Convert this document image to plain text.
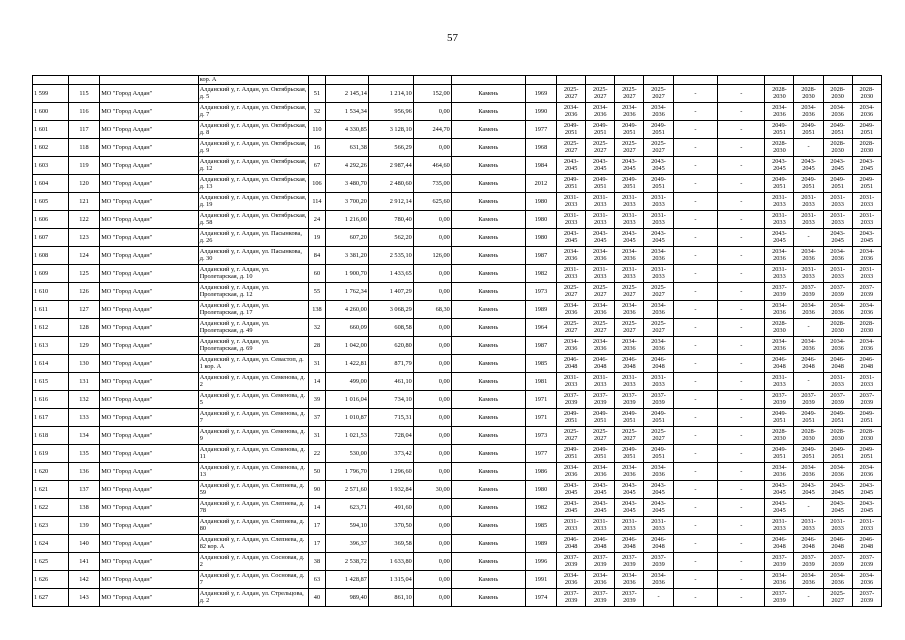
57
			кор. А																
1 599	115	МО "Город Алдан"	Алданский у, г. Алдан, ул. Октябрьская, д. 5	51	2 145,14	1 214,10	152,00	Камень	1969	2025-2027	2025-2027	2025-2027	2025-2027	-	-	2028-2030	2028-2030	2028-2030	2028-2030
1 600	116	МО "Город Алдан"	Алданский у, г. Алдан, ул. Октябрьская, д. 7	32	1 534,34	956,96	0,00	Камень	1990	2034-2036	2034-2036	2034-2036	2034-2036	-	-	2034-2036	2034-2036	2034-2036	2034-2036
1 601	117	МО "Город Алдан"	Алданский у, г. Алдан, ул. Октябрьская, д. 8	110	4 330,85	3 128,10	244,70	Камень	1977	2049-2051	2049-2051	2049-2051	2049-2051	-	-	2049-2051	2049-2051	2049-2051	2049-2051
1 602	118	МО "Город Алдан"	Алданский у, г. Алдан, ул. Октябрьская, д. 9	16	631,38	566,29	0,00	Камень	1968	2025-2027	2025-2027	2025-2027	2025-2027	-	-	2028-2030	-	2028-2030	2028-2030
1 603	119	МО "Город Алдан"	Алданский у, г. Алдан, ул. Октябрьская, д. 12	67	4 292,26	2 987,44	464,60	Камень	1984	2043-2045	2043-2045	2043-2045	2043-2045	-	-	2043-2045	2043-2045	2043-2045	2043-2045
1 604	120	МО "Город Алдан"	Алданский у, г. Алдан, ул. Октябрьская, д. 13	106	3 480,70	2 480,60	735,00	Камень	2012	2049-2051	2049-2051	2049-2051	2049-2051	-	-	2049-2051	2049-2051	2049-2051	2049-2051
1 605	121	МО "Город Алдан"	Алданский у, г. Алдан, ул. Октябрьская, д. 19	114	3 700,20	2 912,14	625,60	Камень	1980	2031-2033	2031-2033	2031-2033	2031-2033	-	-	2031-2033	2031-2033	2031-2033	2031-2033
1 606	122	МО "Город Алдан"	Алданский у, г. Алдан, ул. Октябрьская, д. 58	24	1 216,00	780,40	0,00	Камень	1980	2031-2033	2031-2033	2031-2033	2031-2033	-	-	2031-2033	2031-2033	2031-2033	2031-2033
1 607	123	МО "Город Алдан"	Алданский у, г. Алдан, ул. Пасынкова, д. 26	19	607,20	562,20	0,00	Камень	1980	2043-2045	2043-2045	2043-2045	2043-2045	-	-	2043-2045	-	2043-2045	2043-2045
1 608	124	МО "Город Алдан"	Алданский у, г. Алдан, ул. Пасынкова, д. 30	84	3 381,20	2 535,10	126,00	Камень	1987	2034-2036	2034-2036	2034-2036	2034-2036	-	-	2034-2036	2034-2036	2034-2036	2034-2036
1 609	125	МО "Город Алдан"	Алданский у, г. Алдан, ул. Пролетарская, д. 10	60	1 900,70	1 433,65	0,00	Камень	1982	2031-2033	2031-2033	2031-2033	2031-2033	-	-	2031-2033	2031-2033	2031-2033	2031-2033
1 610	126	МО "Город Алдан"	Алданский у, г. Алдан, ул. Пролетарская, д. 12	55	1 762,34	1 407,29	0,00	Камень	1973	2025-2027	2025-2027	2025-2027	2025-2027	-	-	2037-2039	2037-2039	2037-2039	2037-2039
1 611	127	МО "Город Алдан"	Алданский у, г. Алдан, ул. Пролетарская, д. 17	138	4 260,00	3 068,29	68,30	Камень	1989	2034-2036	2034-2036	2034-2036	2034-2036	-	-	2034-2036	2034-2036	2034-2036	2034-2036
1 612	128	МО "Город Алдан"	Алданский у, г. Алдан, ул. Пролетарская, д. 49	32	660,09	608,58	0,00	Камень	1964	2025-2027	2025-2027	2025-2027	2025-2027	-	-	2028-2030	-	2028-2030	2028-2030
1 613	129	МО "Город Алдан"	Алданский у, г. Алдан, ул. Пролетарская, д. 69	28	1 042,00	620,80	0,00	Камень	1987	2034-2036	2034-2036	2034-2036	2034-2036	-	-	2034-2036	2034-2036	2034-2036	2034-2036
1 614	130	МО "Город Алдан"	Алданский у, г. Алдан, ул. Севастоп, д. 1 кор. А	31	1 422,81	871,79	0,00	Камень	1985	2046-2048	2046-2048	2046-2048	2046-2048	-	-	2046-2048	2046-2048	2046-2048	2046-2048
1 615	131	МО "Город Алдан"	Алданский у, г. Алдан, ул. Семенова, д. 2	14	499,00	461,10	0,00	Камень	1981	2031-2033	2031-2033	2031-2033	2031-2033	-	-	2031-2033	-	2031-2033	2031-2033
1 616	132	МО "Город Алдан"	Алданский у, г. Алдан, ул. Семенова, д. 5	39	1 016,04	734,10	0,00	Камень	1971	2037-2039	2037-2039	2037-2039	2037-2039	-	-	2037-2039	2037-2039	2037-2039	2037-2039
1 617	133	МО "Город Алдан"	Алданский у, г. Алдан, ул. Семенова, д. 7	37	1 010,87	715,31	0,00	Камень	1971	2049-2051	2049-2051	2049-2051	2049-2051	-	-	2049-2051	2049-2051	2049-2051	2049-2051
1 618	134	МО "Город Алдан"	Алданский у, г. Алдан, ул. Семенова, д. 9	31	1 021,53	728,04	0,00	Камень	1973	2025-2027	2025-2027	2025-2027	2025-2027	-	-	2028-2030	2028-2030	2028-2030	2028-2030
1 619	135	МО "Город Алдан"	Алданский у, г. Алдан, ул. Семенова, д. 11	22	530,00	373,42	0,00	Камень	1977	2049-2051	2049-2051	2049-2051	2049-2051	-	-	2049-2051	2049-2051	2049-2051	2049-2051
1 620	136	МО "Город Алдан"	Алданский у, г. Алдан, ул. Семенова, д. 13	50	1 796,70	1 296,60	0,00	Камень	1986	2034-2036	2034-2036	2034-2036	2034-2036	-	-	2034-2036	2034-2036	2034-2036	2034-2036
1 621	137	МО "Город Алдан"	Алданский у, г. Алдан, ул. Слепнева, д. 59	90	2 571,60	1 932,84	30,00	Камень	1980	2043-2045	2043-2045	2043-2045	2043-2045	-	-	2043-2045	2043-2045	2043-2045	2043-2045
1 622	138	МО "Город Алдан"	Алданский у, г. Алдан, ул. Слепнева, д. 78	14	623,71	491,60	0,00	Камень	1982	2043-2045	2043-2045	2043-2045	2043-2045	-	-	2043-2045	-	2043-2045	2043-2045
1 623	139	МО "Город Алдан"	Алданский у, г. Алдан, ул. Слепнева, д. 80	17	594,10	370,50	0,00	Камень	1985	2031-2033	2031-2033	2031-2033	2031-2033	-	-	2031-2033	2031-2033	2031-2033	2031-2033
1 624	140	МО "Город Алдан"	Алданский у, г. Алдан, ул. Слепнева, д. 82 кор. А	17	396,37	369,58	0,00	Камень	1989	2046-2048	2046-2048	2046-2048	2046-2048	-	-	2046-2048	2046-2048	2046-2048	2046-2048
1 625	141	МО "Город Алдан"	Алданский у, г. Алдан, ул. Сосновая, д. 2	38	2 538,72	1 633,80	0,00	Камень	1996	2037-2039	2037-2039	2037-2039	2037-2039	-	-	2037-2039	2037-2039	2037-2039	2037-2039
1 626	142	МО "Город Алдан"	Алданский у, г. Алдан, ул. Сосновая, д. 7	63	1 428,87	1 315,04	0,00	Камень	1991	2034-2036	2034-2036	2034-2036	2034-2036	-	-	2034-2036	2034-2036	2034-2036	2034-2036
1 627	143	МО "Город Алдан"	Алданский у, г. Алдан, ул. Стрельцова, д. 2	40	989,40	861,10	0,00	Камень	1974	2037-2039	2037-2039	2037-2039	-	-	-	2037-2039	-	2025-2027	2037-2039
